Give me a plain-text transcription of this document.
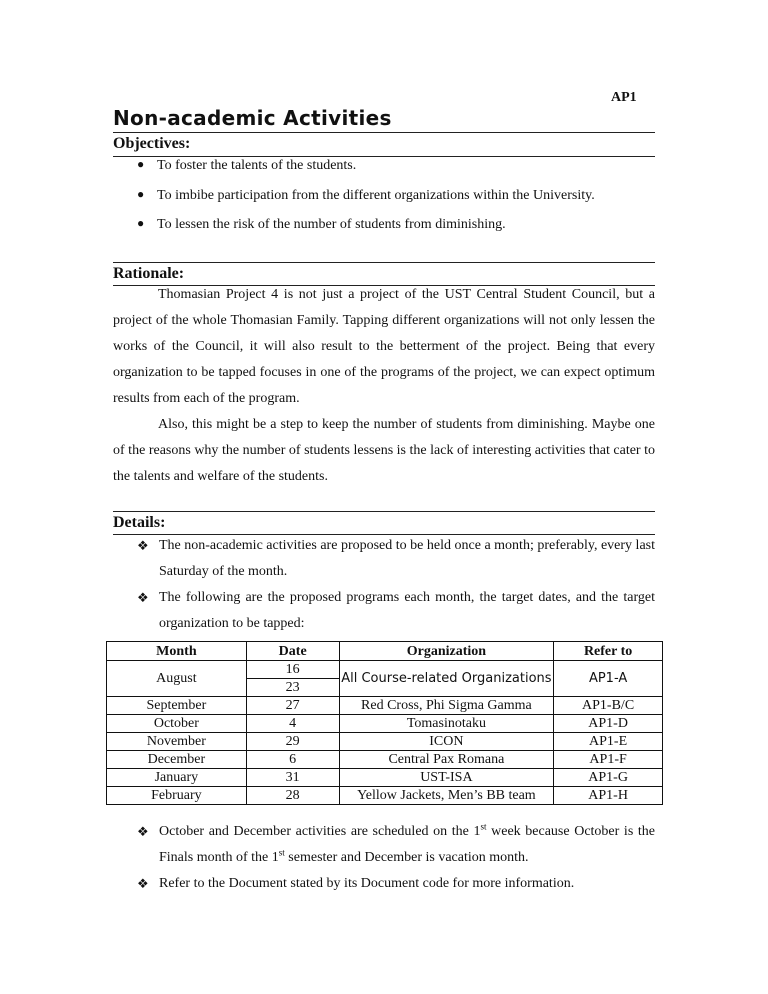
AP1
Non-academic Activities
Objectives:
● To foster the talents of the students.
● To imbibe participation from the different organizations within the University.
● To lessen the risk of the number of students from diminishing.
Rationale:

Thomasian Project 4 is not just a project of the UST Central Student Council, but a project of the whole Thomasian Family. Tapping different organizations will not only lessen the works of the Council, it will also result to the betterment of the project. Being that every organization to be tapped focuses in one of the programs of the project, we can expect optimum results from each of the program.

Also, this might be a step to keep the number of students from diminishing. Maybe one of the reasons why the number of students lessens is the lack of interesting activities that cater to the talents and welfare of the students.

Details:
❖ The non-academic activities are proposed to be held once a month; preferably, every last Saturday of the month.
❖ The following are the proposed programs each month, the target dates, and the target organization to be tapped:
Month	Date	Organization	Refer to
August	16	All Course-related Organizations	AP1-A
	23		
September	27	Red Cross, Phi Sigma Gamma	AP1-B/C
October	4	Tomasinotaku	AP1-D
November	29	ICON	AP1-E
December	6	Central Pax Romana	AP1-F
January	31	UST-ISA	AP1-G
February	28	Yellow Jackets, Men’s BB team	AP1-H
❖ October and December activities are scheduled on the 1st week because October is the Finals month of the 1st semester and December is vacation month.
❖ Refer to the Document stated by its Document code for more information.
